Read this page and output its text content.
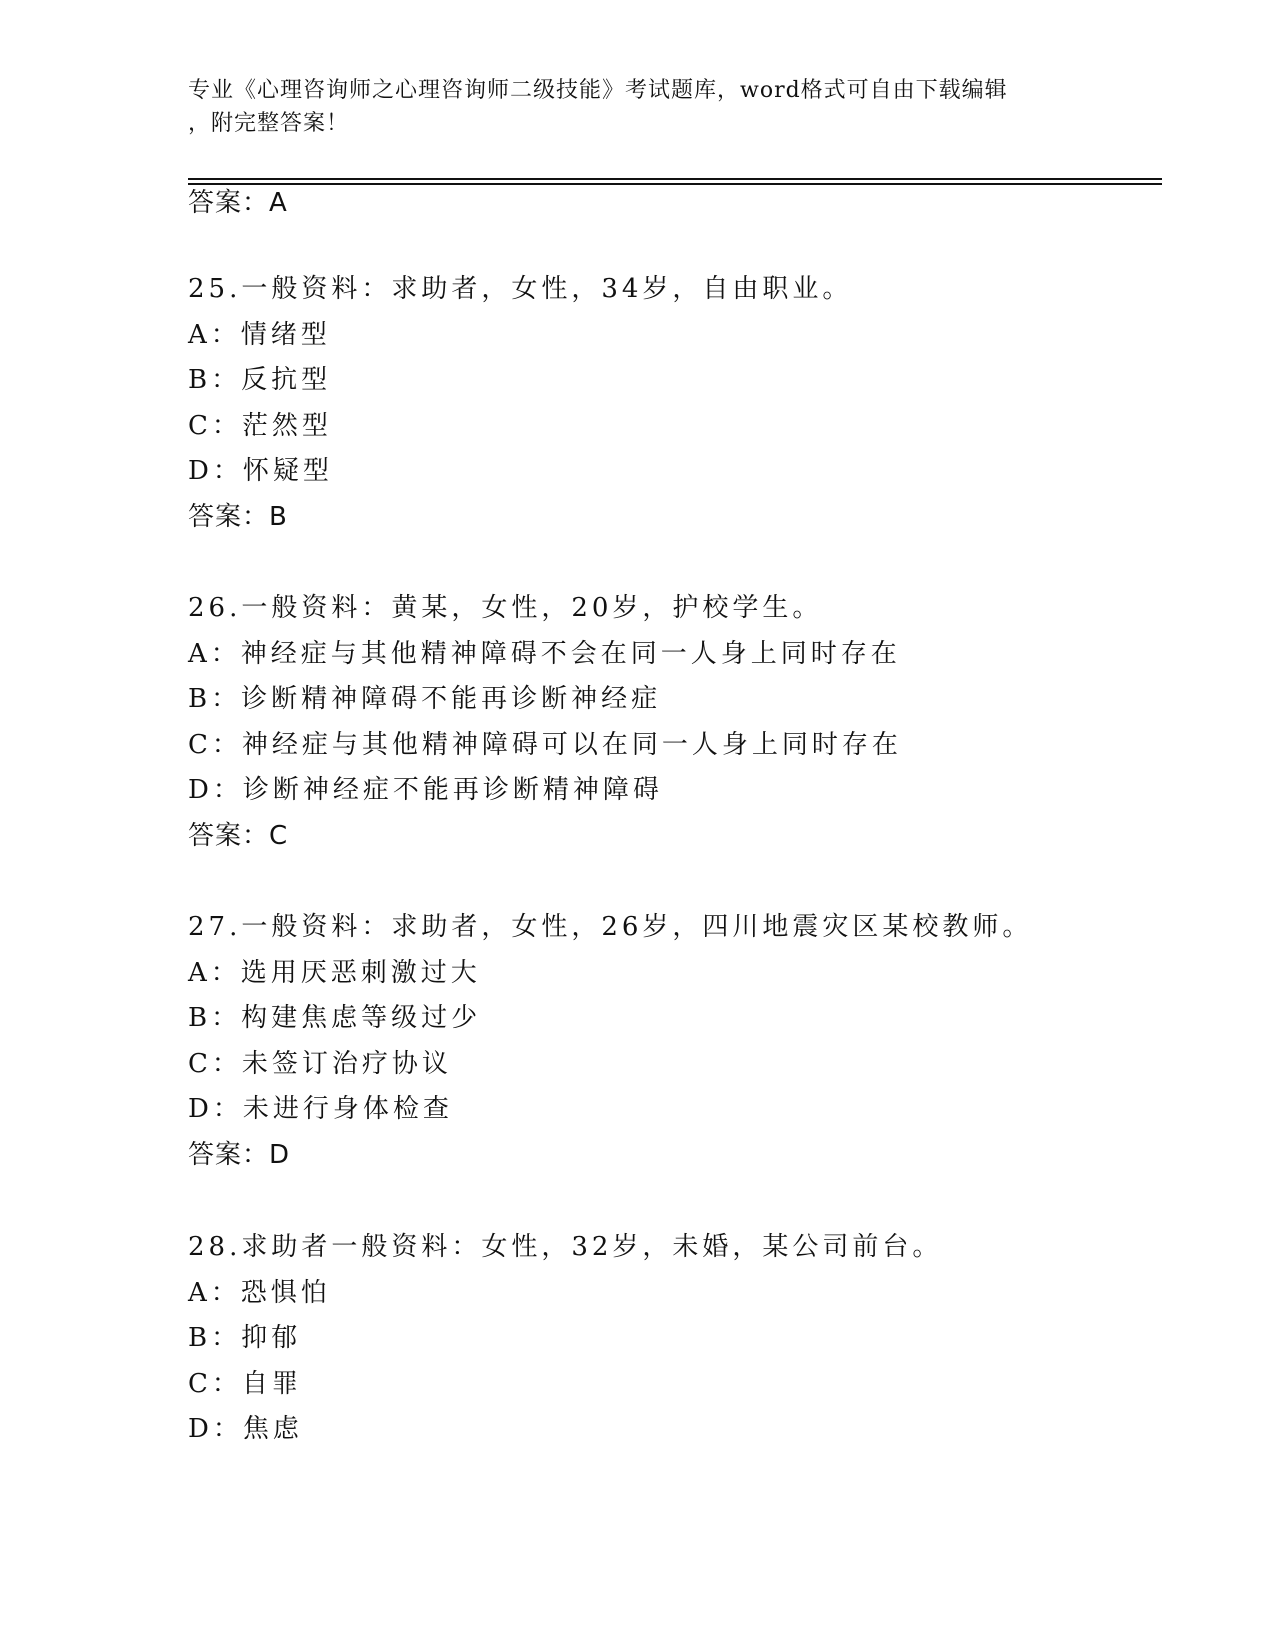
专业《心理咨询师之心理咨询师二级技能》考试题库，word格式可自由下载编辑
，附完整答案！
答案：A
25.一般资料：求助者，女性，34岁，自由职业。
A：情绪型
B：反抗型
C：茫然型
D：怀疑型
答案：B
26.一般资料：黄某，女性，20岁，护校学生。
A：神经症与其他精神障碍不会在同一人身上同时存在
B：诊断精神障碍不能再诊断神经症
C：神经症与其他精神障碍可以在同一人身上同时存在
D：诊断神经症不能再诊断精神障碍
答案：C
27.一般资料：求助者，女性，26岁，四川地震灾区某校教师。
A：选用厌恶刺激过大
B：构建焦虑等级过少
C：未签订治疗协议
D：未进行身体检查
答案：D
28.求助者一般资料：女性，32岁，未婚，某公司前台。
A：恐惧怕
B：抑郁
C：自罪
D：焦虑
